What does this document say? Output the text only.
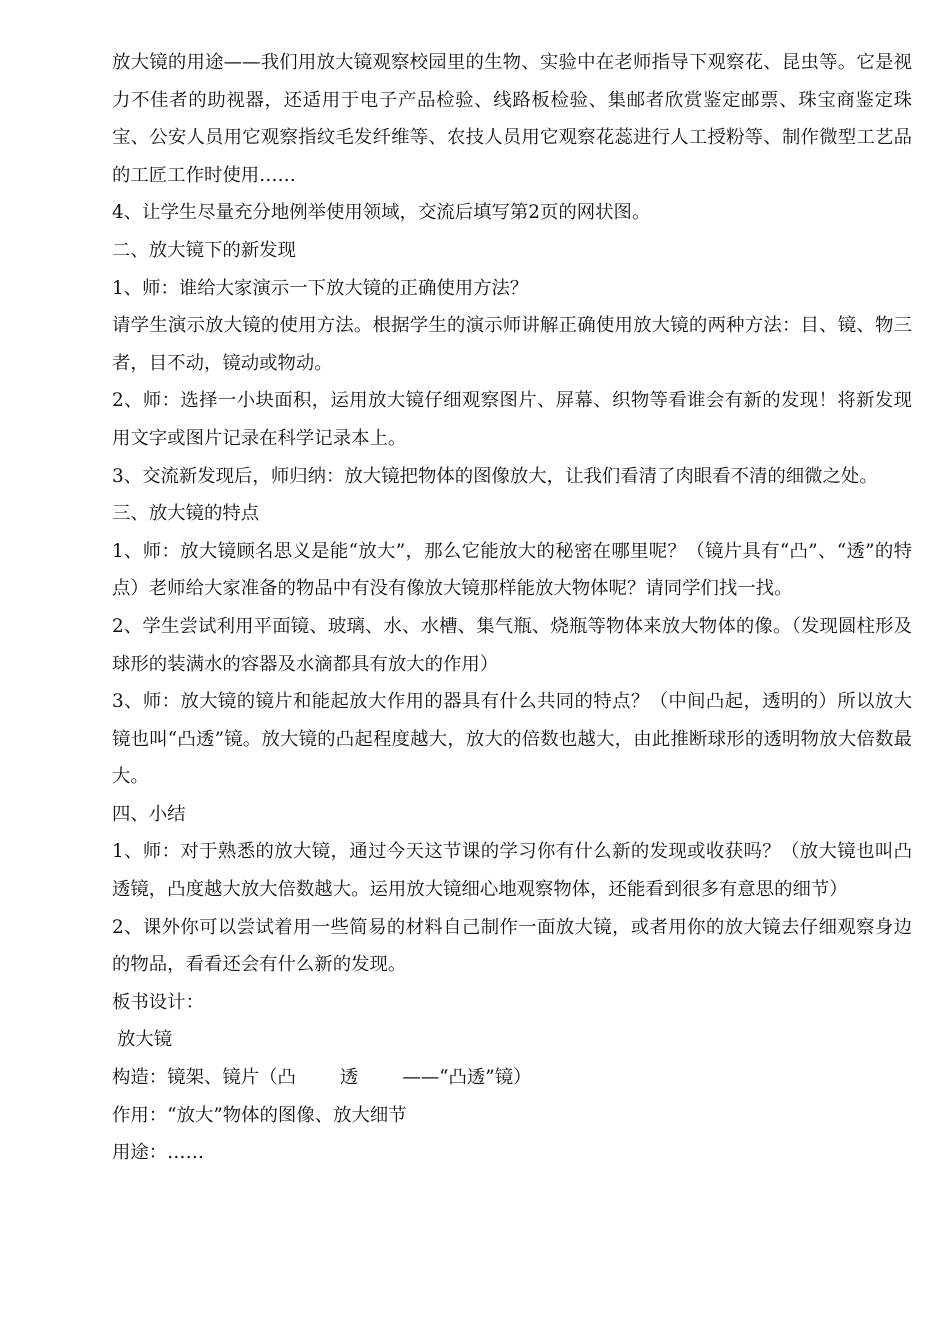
放大镜的用途——我们用放大镜观察校园里的生物、实验中在老师指导下观察花、昆虫等。它是视力不佳者的助视器，还适用于电子产品检验、线路板检验、集邮者欣赏鉴定邮票、珠宝商鉴定珠宝、公安人员用它观察指纹毛发纤维等、农技人员用它观察花蕊进行人工授粉等、制作微型工艺品的工匠工作时使用……

4、让学生尽量充分地例举使用领域，交流后填写第2页的网状图。

二、放大镜下的新发现

1、师：谁给大家演示一下放大镜的正确使用方法？

请学生演示放大镜的使用方法。根据学生的演示师讲解正确使用放大镜的两种方法：目、镜、物三者，目不动，镜动或物动。

2、师：选择一小块面积，运用放大镜仔细观察图片、屏幕、织物等看谁会有新的发现！将新发现用文字或图片记录在科学记录本上。

3、交流新发现后，师归纳：放大镜把物体的图像放大，让我们看清了肉眼看不清的细微之处。

三、放大镜的特点

1、师：放大镜顾名思义是能“放大”，那么它能放大的秘密在哪里呢？（镜片具有“凸”、“透”的特点）老师给大家准备的物品中有没有像放大镜那样能放大物体呢？请同学们找一找。

2、学生尝试利用平面镜、玻璃、水、水槽、集气瓶、烧瓶等物体来放大物体的像。（发现圆柱形及球形的装满水的容器及水滴都具有放大的作用）

3、师：放大镜的镜片和能起放大作用的器具有什么共同的特点？（中间凸起，透明的）所以放大镜也叫“凸透”镜。放大镜的凸起程度越大，放大的倍数也越大，由此推断球形的透明物放大倍数最大。

四、小结

1、师：对于熟悉的放大镜，通过今天这节课的学习你有什么新的发现或收获吗？（放大镜也叫凸透镜，凸度越大放大倍数越大。运用放大镜细心地观察物体，还能看到很多有意思的细节）

2、课外你可以尝试着用一些简易的材料自己制作一面放大镜，或者用你的放大镜去仔细观察身边的物品，看看还会有什么新的发现。

板书设计：

放大镜

构造：镜架、镜片（凸 透 ——“凸透”镜）

作用：“放大”物体的图像、放大细节

用途：……
